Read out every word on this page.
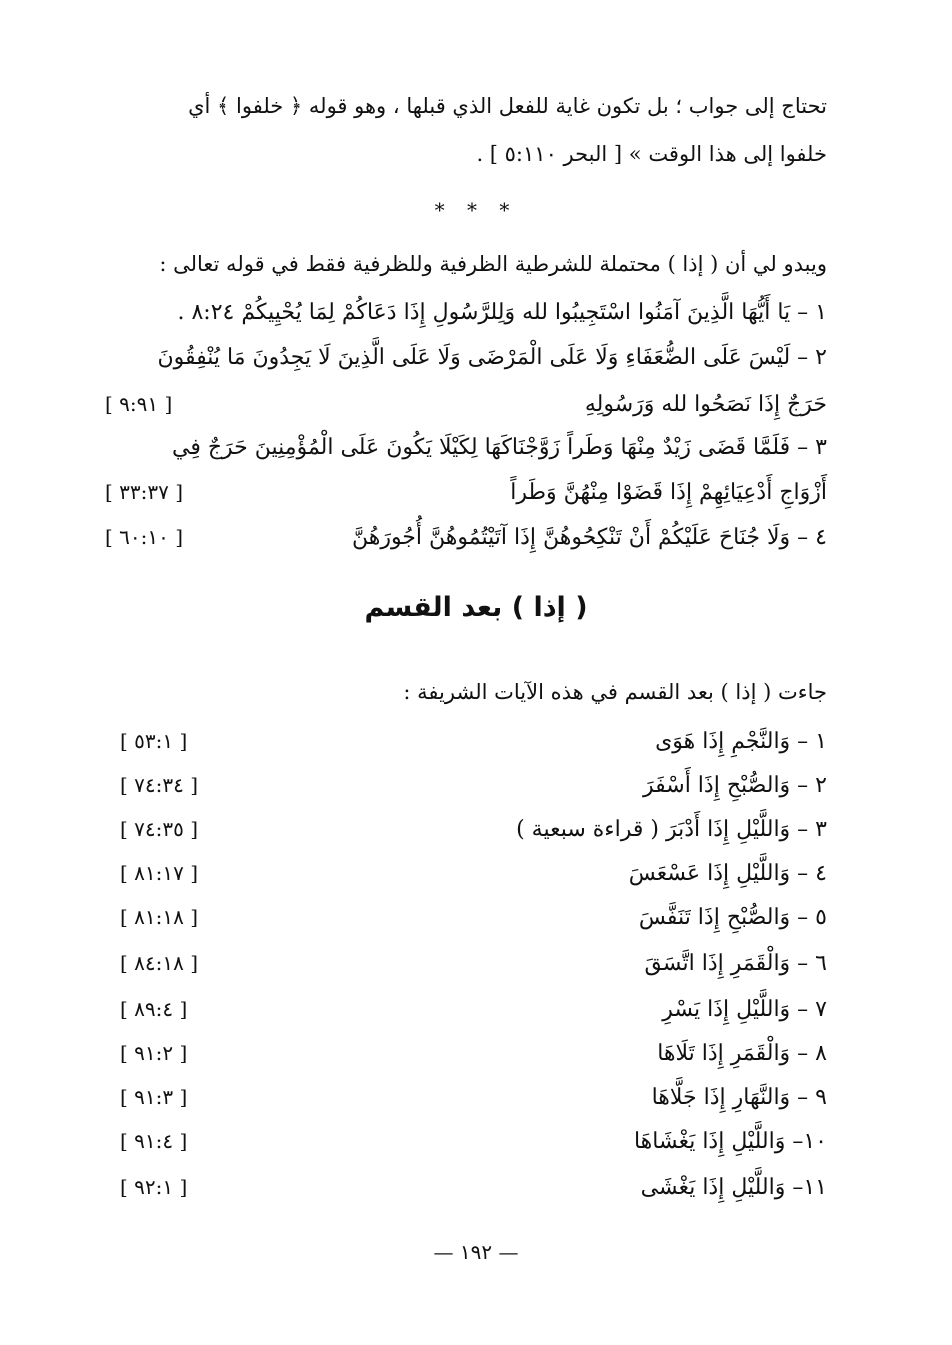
تحتاج إلى جواب ؛ بل تكون غاية للفعل الذي قبلها ، وهو قوله ﴿ خلفوا ﴾ أي

خلفوا إلى هذا الوقت » [ البحر ٥:١١٠ ] .

* * *
ويبدو لي أن ( إذا ) محتملة للشرطية الظرفية وللظرفية فقط في قوله تعالى :
١ – يَا أَيُّهَا الَّذِينَ آمَنُوا اسْتَجِيبُوا لله وَلِلرَّسُولِ إِذَا دَعَاكُمْ لِمَا يُحْيِيكُمْ ٨:٢٤ .
٢ – لَيْسَ عَلَى الضُّعَفَاءِ وَلَا عَلَى الْمَرْضَى وَلَا عَلَى الَّذِينَ لَا يَجِدُونَ مَا يُنْفِقُونَ
حَرَجٌ إِذَا نَصَحُوا لله وَرَسُولِهِ
[ ٩:٩١ ]
٣ – فَلَمَّا قَضَى زَيْدٌ مِنْهَا وَطَراً زَوَّجْنَاكَهَا لِكَيْلَا يَكُونَ عَلَى الْمُؤْمِنِينَ حَرَجٌ فِي
أَزْوَاجِ أَدْعِيَائِهِمْ إِذَا قَضَوْا مِنْهُنَّ وَطَراً
[ ٣٣:٣٧ ]
٤ – وَلَا جُنَاحَ عَلَيْكُمْ أَنْ تَنْكِحُوهُنَّ إِذَا آتَيْتُمُوهُنَّ أُجُورَهُنَّ
[ ٦٠:١٠ ]
( إذا ) بعد القسم
جاءت ( إذا ) بعد القسم في هذه الآيات الشريفة :
١ – وَالنَّجْمِ إِذَا هَوَى
[ ٥٣:١ ]
٢ – وَالصُّبْحِ إِذَا أَسْفَرَ
[ ٧٤:٣٤ ]
٣ – وَاللَّيْلِ إِذَا أَدْبَرَ ( قراءة سبعية )
[ ٧٤:٣٥ ]
٤ – وَاللَّيْلِ إِذَا عَسْعَسَ
[ ٨١:١٧ ]
٥ – وَالصُّبْحِ إِذَا تَنَفَّسَ
[ ٨١:١٨ ]
٦ – وَالْقَمَرِ إِذَا اتَّسَقَ
[ ٨٤:١٨ ]
٧ – وَاللَّيْلِ إِذَا يَسْرِ
[ ٨٩:٤ ]
٨ – وَالْقَمَرِ إِذَا تَلَاهَا
[ ٩١:٢ ]
٩ – وَالنَّهَارِ إِذَا جَلَّاهَا
[ ٩١:٣ ]
١٠– وَاللَّيْلِ إِذَا يَغْشَاهَا
[ ٩١:٤ ]
١١– وَاللَّيْلِ إِذَا يَغْشَى
[ ٩٢:١ ]
— ١٩٢ —
